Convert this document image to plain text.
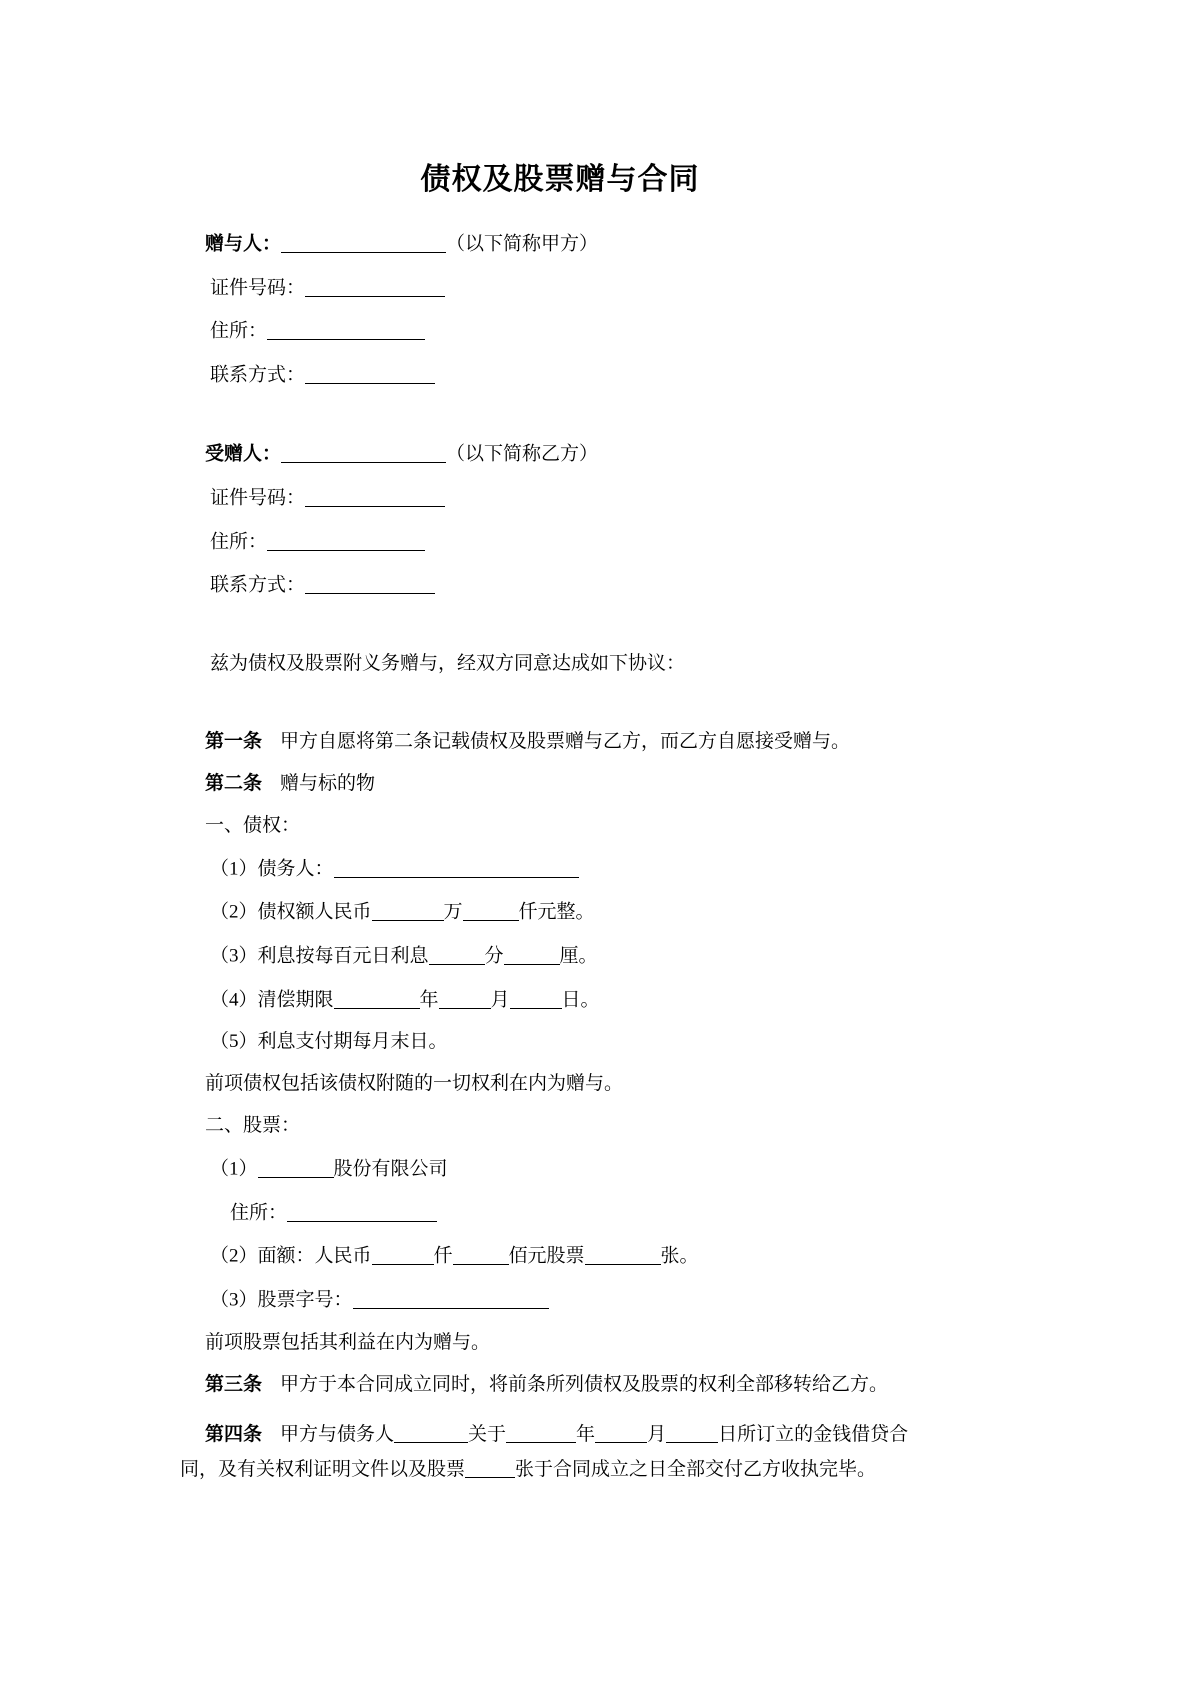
债权及股票赠与合同
赠与人：	（以下简称甲方）
证件号码：
住所：
联系方式：
受赠人：	（以下简称乙方）
证件号码：
住所：
联系方式：
兹为债权及股票附义务赠与，经双方同意达成如下协议：
第一条 甲方自愿将第二条记载债权及股票赠与乙方，而乙方自愿接受赠与。
第二条 赠与标的物
一、债权：
（1）债务人：
（2）债权额人民币	万	仟元整。
（3）利息按每百元日利息	分	厘。
（4）清偿期限	年	月	日。
（5）利息支付期每月末日。
前项债权包括该债权附随的一切权利在内为赠与。
二、股票：
（1）	股份有限公司
住所：
（2）面额：人民币	仟	佰元股票	张。
（3）股票字号：
前项股票包括其利益在内为赠与。
第三条 甲方于本合同成立同时，将前条所列债权及股票的权利全部移转给乙方。
第四条 甲方与债务人	关于	年	月	日所订立的金钱借贷合同，及有关权利证明文件以及股票	张于合同成立之日全部交付乙方收执完毕。
